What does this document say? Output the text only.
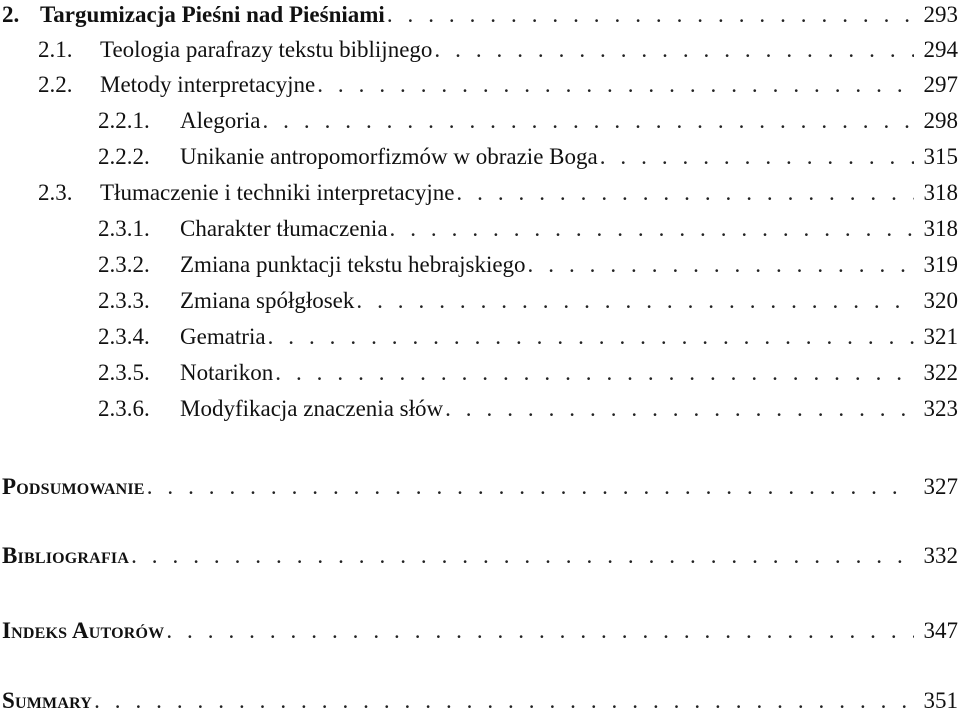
2. Targumizacja Pieśni nad Pieśniami . . .	293
2.1.	Teologia parafrazy tekstu biblijnego . . .	294
2.2.	Metody interpretacyjne . . .	297
2.2.1.	Alegoria . . .	298
2.2.2.	Unikanie antropomorfizmów w obrazie Boga . . .	315
2.3.	Tłumaczenie i techniki interpretacyjne . . .	318
2.3.1.	Charakter tłumaczenia . . .	318
2.3.2.	Zmiana punktacji tekstu hebrajskiego . . .	319
2.3.3.	Zmiana spółgłosek . . .	320
2.3.4.	Gematria . . .	321
2.3.5.	Notarikon . . .	322
2.3.6.	Modyfikacja znaczenia słów . . .	323
Podsumowanie . . .	327
Bibliografia . . .	332
Indeks Autorów . . .	347
Summary . . .	351
